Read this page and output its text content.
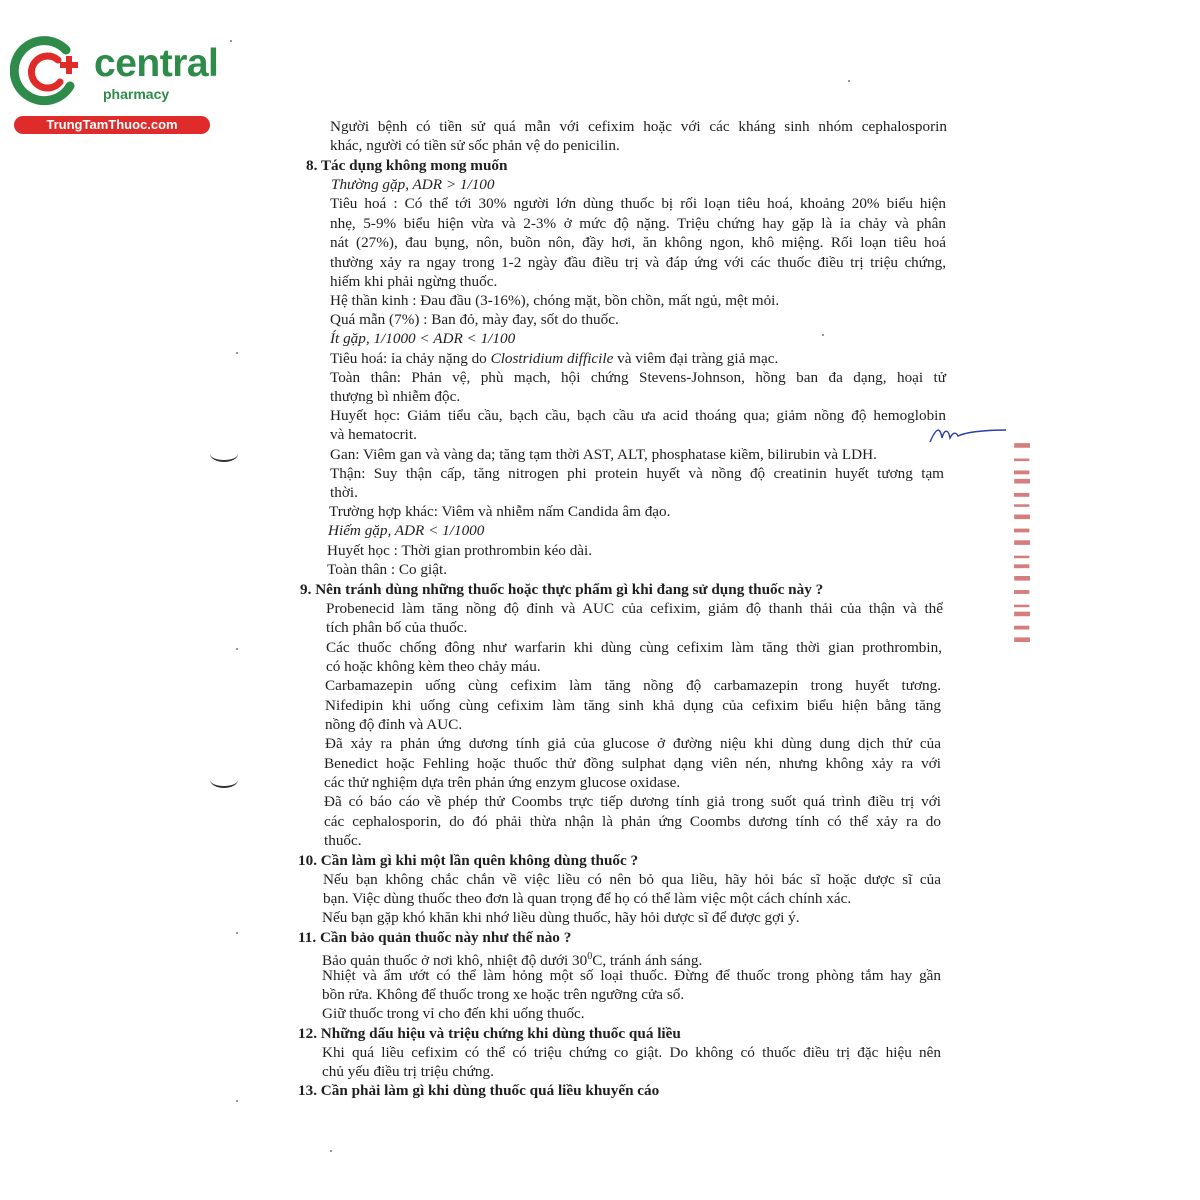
central
pharmacy
TrungTamThuoc.com	Người bệnh có tiền sử quá mẫn với cefixim hoặc với các kháng sinh nhóm cephalosporin
khác, người có tiền sử sốc phản vệ do penicilin.
8. Tác dụng không mong muốn
Thường gặp, ADR > 1/100
Tiêu hoá : Có thể tới 30% người lớn dùng thuốc bị rối loạn tiêu hoá, khoảng 20% biểu hiện
nhẹ, 5-9% biểu hiện vừa và 2-3% ở mức độ nặng. Triệu chứng hay gặp là ỉa chảy và phân
nát (27%), đau bụng, nôn, buồn nôn, đầy hơi, ăn không ngon, khô miệng. Rối loạn tiêu hoá
thường xảy ra ngay trong 1-2 ngày đầu điều trị và đáp ứng với các thuốc điều trị triệu chứng,
hiếm khi phải ngừng thuốc.
Hệ thần kinh : Đau đầu (3-16%), chóng mặt, bồn chồn, mất ngủ, mệt mỏi.
Quá mẫn (7%) : Ban đỏ, mày đay, sốt do thuốc.
Ít gặp, 1/1000 < ADR < 1/100
Tiêu hoá: ỉa chảy nặng do Clostridium difficile và viêm đại tràng giả mạc.
Toàn thân: Phản vệ, phù mạch, hội chứng Stevens-Johnson, hồng ban đa dạng, hoại tử
thượng bì nhiễm độc.
Huyết học: Giảm tiểu cầu, bạch cầu, bạch cầu ưa acid thoáng qua; giảm nồng độ hemoglobin
và hematocrit.
Gan: Viêm gan và vàng da; tăng tạm thời AST, ALT, phosphatase kiềm, bilirubin và LDH.
Thận: Suy thận cấp, tăng nitrogen phi protein huyết và nồng độ creatinin huyết tương tạm
thời.
Trường hợp khác: Viêm và nhiễm nấm Candida âm đạo.
Hiếm gặp, ADR < 1/1000
Huyết học : Thời gian prothrombin kéo dài.
Toàn thân : Co giật.
9. Nên tránh dùng những thuốc hoặc thực phẩm gì khi đang sử dụng thuốc này ?
Probenecid làm tăng nồng độ đỉnh và AUC của cefixim, giảm độ thanh thải của thận và thể
tích phân bố của thuốc.
Các thuốc chống đông như warfarin khi dùng cùng cefixim làm tăng thời gian prothrombin,
có hoặc không kèm theo chảy máu.
Carbamazepin uống cùng cefixim làm tăng nồng độ carbamazepin trong huyết tương.
Nifedipin khi uống cùng cefixim làm tăng sinh khả dụng của cefixim biểu hiện bằng tăng
nồng độ đỉnh và AUC.
Đã xảy ra phản ứng dương tính giả của glucose ở đường niệu khi dùng dung dịch thử của
Benedict hoặc Fehling hoặc thuốc thử đồng sulphat dạng viên nén, nhưng không xảy ra với
các thử nghiệm dựa trên phản ứng enzym glucose oxidase.
Đã có báo cáo về phép thử Coombs trực tiếp dương tính giả trong suốt quá trình điều trị với
các cephalosporin, do đó phải thừa nhận là phản ứng Coombs dương tính có thể xảy ra do
thuốc.
10. Cần làm gì khi một lần quên không dùng thuốc ?
Nếu bạn không chắc chắn về việc liều có nên bỏ qua liều, hãy hỏi bác sĩ hoặc dược sĩ của
bạn. Việc dùng thuốc theo đơn là quan trọng để họ có thể làm việc một cách chính xác.
Nếu bạn gặp khó khăn khi nhớ liều dùng thuốc, hãy hỏi dược sĩ để được gợi ý.
11. Cần bảo quản thuốc này như thế nào ?
Bảo quản thuốc ở nơi khô, nhiệt độ dưới $30^0C$, tránh ánh sáng.
Nhiệt và ẩm ướt có thể làm hỏng một số loại thuốc. Đừng để thuốc trong phòng tắm hay gần
bồn rửa. Không để thuốc trong xe hoặc trên ngưỡng cửa sổ.
Giữ thuốc trong vỉ cho đến khi uống thuốc.
12. Những dấu hiệu và triệu chứng khi dùng thuốc quá liều
Khi quá liều cefixim có thể có triệu chứng co giật. Do không có thuốc điều trị đặc hiệu nên
chủ yếu điều trị triệu chứng.
13. Cần phải làm gì khi dùng thuốc quá liều khuyến cáo
▌ ▍ ▌▎ ▍ ▌ ▍▎ ▌ ▍ ▌ ▎▍ ▌▍ ▎ ▌
